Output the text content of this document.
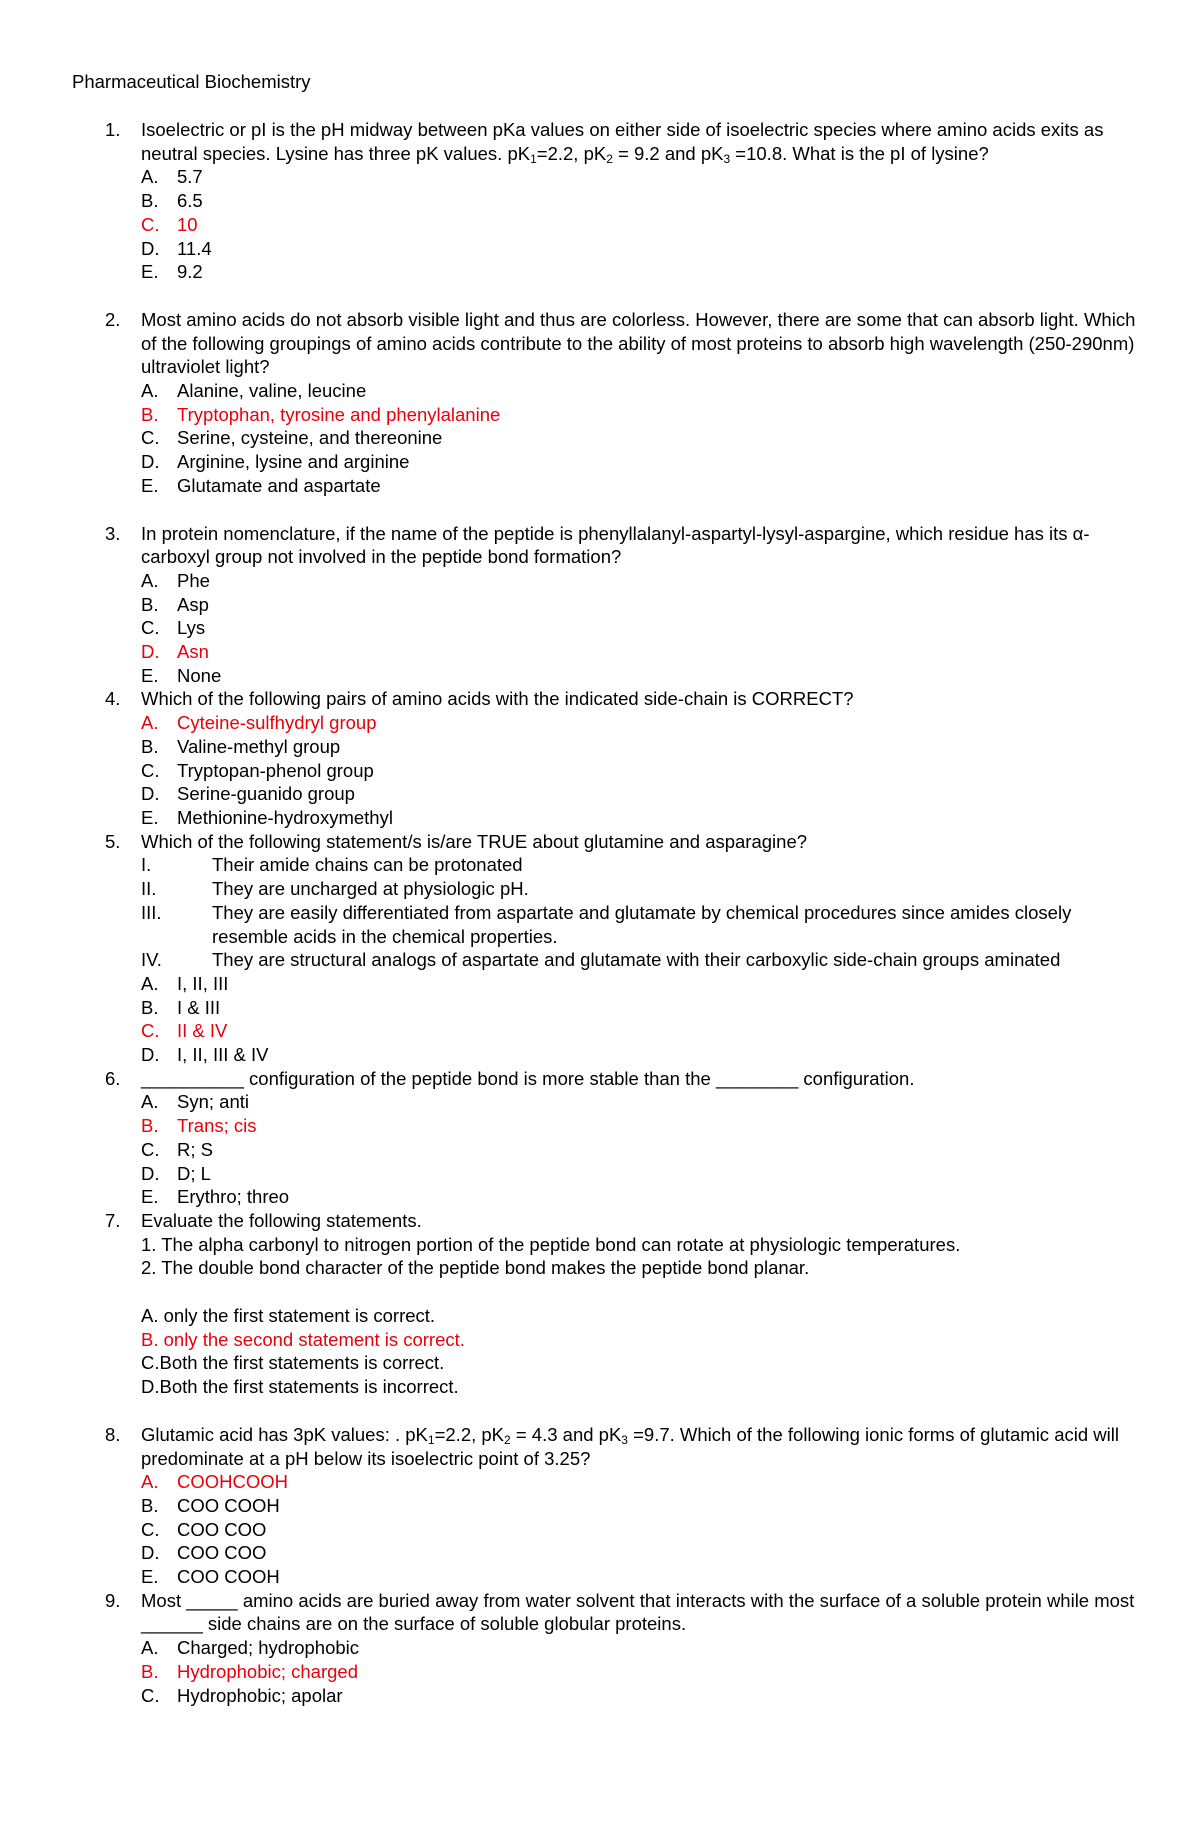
Pharmaceutical Biochemistry
1. Isoelectric or pI is the pH midway between pKa values on either side of isoelectric species where amino acids exits as neutral species. Lysine has three pK values. $pK_1=2.2$, $pK_2 = 9.2$ and $pK_3 =10.8$. What is the pI of lysine?
A. 5.7
B. 6.5
C. 10
D. 11.4
E. 9.2
2. Most amino acids do not absorb visible light and thus are colorless. However, there are some that can absorb light. Which of the following groupings of amino acids contribute to the ability of most proteins to absorb high wavelength (250-290nm) ultraviolet light?
A. Alanine, valine, leucine
B. Tryptophan, tyrosine and phenylalanine
C. Serine, cysteine, and thereonine
D. Arginine, lysine and arginine
E. Glutamate and aspartate
3. In protein nomenclature, if the name of the peptide is phenyllalanyl-aspartyl-lysyl-aspargine, which residue has its α-carboxyl group not involved in the peptide bond formation?
A. Phe
B. Asp
C. Lys
D. Asn
E. None
4. Which of the following pairs of amino acids with the indicated side-chain is CORRECT?
A. Cyteine-sulfhydryl group
B. Valine-methyl group
C. Tryptopan-phenol group
D. Serine-guanido group
E. Methionine-hydroxymethyl
5. Which of the following statement/s is/are TRUE about glutamine and asparagine?
I.	Their amide chains can be protonated
II.	They are uncharged at physiologic pH.
III.	They are easily differentiated from aspartate and glutamate by chemical procedures since amides closely resemble acids in the chemical properties.
IV.	They are structural analogs of aspartate and glutamate with their carboxylic side-chain groups aminated
A. I, II, III
B. I & III
C. II & IV
D. I, II, III & IV
6. __________ configuration of the peptide bond is more stable than the ________ configuration.
A. Syn; anti
B. Trans; cis
C. R; S
D. D; L
E. Erythro; threo
7. Evaluate the following statements.
1. The alpha carbonyl to nitrogen portion of the peptide bond can rotate at physiologic temperatures.
2. The double bond character of the peptide bond makes the peptide bond planar.
A. only the first statement is correct.
B. only the second statement is correct.
C.Both the first statements is correct.
D.Both the first statements is incorrect.
8. Glutamic acid has 3pK values: . $pK_1=2.2$, $pK_2 = 4.3$ and $pK_3 =9.7$. Which of the following ionic forms of glutamic acid will predominate at a pH below its isoelectric point of 3.25?
A. COOHCOOH
B. COO COOH
C. COO COO
D. COO COO
E. COO COOH
9. Most _____ amino acids are buried away from water solvent that interacts with the surface of a soluble protein while most ______ side chains are on the surface of soluble globular proteins.
A. Charged; hydrophobic
B. Hydrophobic; charged
C. Hydrophobic; apolar
